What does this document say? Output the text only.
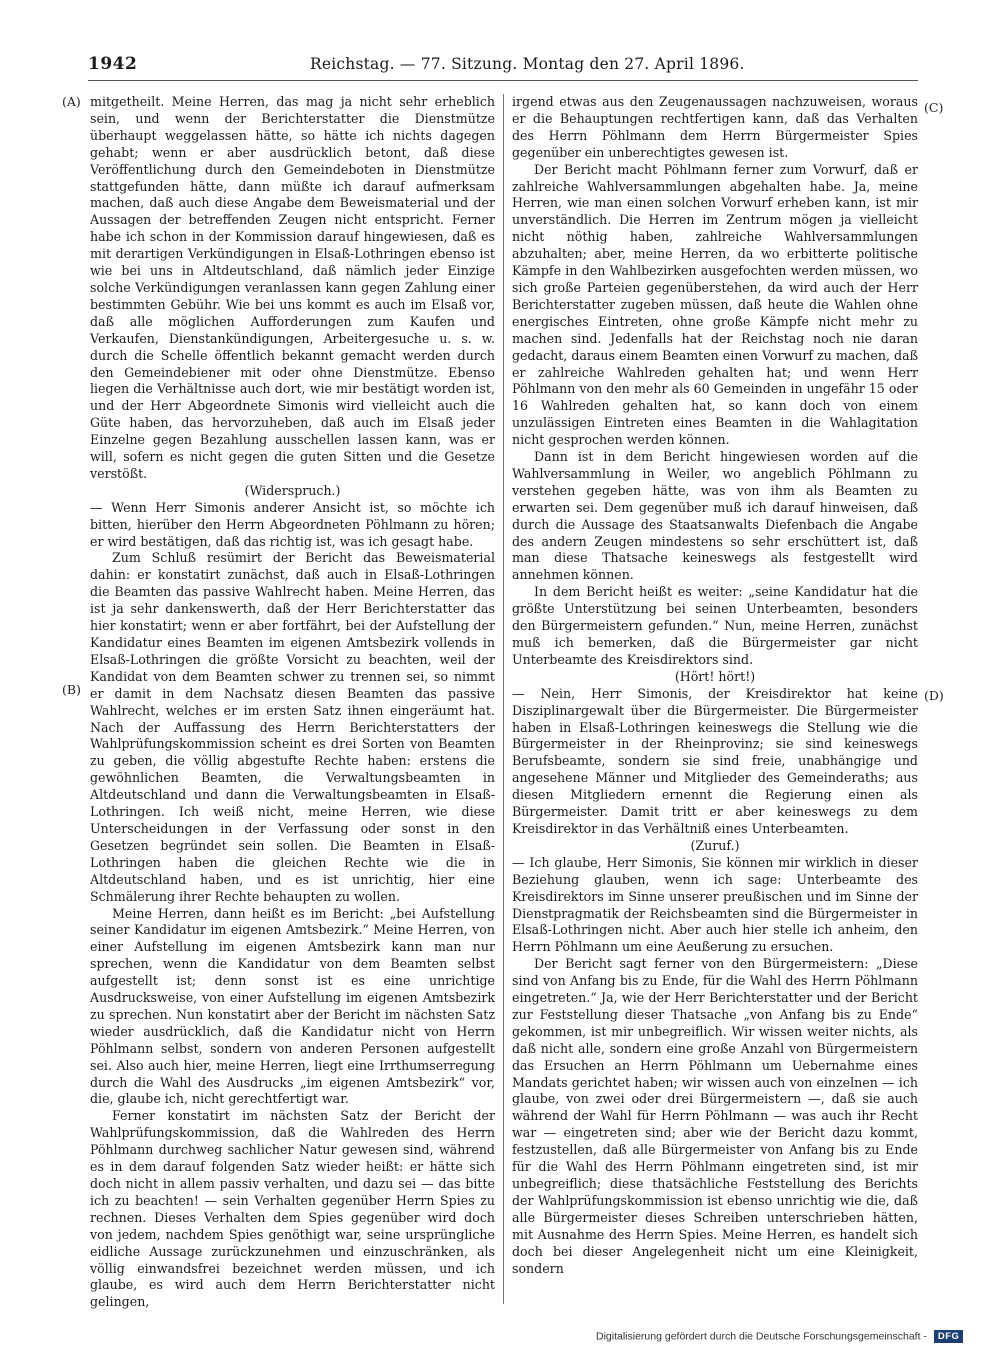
1942	Reichstag. — 77. Sitzung. Montag den 27. April 1896.
(A)
(B)
(C)
(D)

mitgetheilt. Meine Herren, das mag ja nicht sehr erheblich sein, und wenn der Berichterstatter die Dienstmütze überhaupt weggelassen hätte, so hätte ich nichts dagegen gehabt; wenn er aber ausdrücklich betont, daß diese Veröffentlichung durch den Gemeindeboten in Dienstmütze stattgefunden hätte, dann müßte ich darauf aufmerksam machen, daß auch diese Angabe dem Beweismaterial und der Aussagen der betreffenden Zeugen nicht entspricht. Ferner habe ich schon in der Kommission darauf hingewiesen, daß es mit derartigen Verkündigungen in Elsaß-Lothringen ebenso ist wie bei uns in Altdeutschland, daß nämlich jeder Einzige solche Verkündigungen veranlassen kann gegen Zahlung einer bestimmten Gebühr. Wie bei uns kommt es auch im Elsaß vor, daß alle möglichen Aufforderungen zum Kaufen und Verkaufen, Dienstankündigungen, Arbeitergesuche u. s. w. durch die Schelle öffentlich bekannt gemacht werden durch den Gemeindebiener mit oder ohne Dienstmütze. Ebenso liegen die Verhältnisse auch dort, wie mir bestätigt worden ist, und der Herr Abgeordnete Simonis wird vielleicht auch die Güte haben, das hervorzuheben, daß auch im Elsaß jeder Einzelne gegen Bezahlung ausschellen lassen kann, was er will, sofern es nicht gegen die guten Sitten und die Gesetze verstößt.

(Widerspruch.)

— Wenn Herr Simonis anderer Ansicht ist, so möchte ich bitten, hierüber den Herrn Abgeordneten Pöhlmann zu hören; er wird bestätigen, daß das richtig ist, was ich gesagt habe.

Zum Schluß resümirt der Bericht das Beweismaterial dahin: er konstatirt zunächst, daß auch in Elsaß-Lothringen die Beamten das passive Wahlrecht haben. Meine Herren, das ist ja sehr dankenswerth, daß der Herr Berichterstatter das hier konstatirt; wenn er aber fortfährt, bei der Aufstellung der Kandidatur eines Beamten im eigenen Amtsbezirk vollends in Elsaß-Lothringen die größte Vorsicht zu beachten, weil der Kandidat von dem Beamten schwer zu trennen sei, so nimmt er damit in dem Nachsatz diesen Beamten das passive Wahlrecht, welches er im ersten Satz ihnen eingeräumt hat. Nach der Auffassung des Herrn Berichterstatters der Wahlprüfungskommission scheint es drei Sorten von Beamten zu geben, die völlig abgestufte Rechte haben: erstens die gewöhnlichen Beamten, die Verwaltungsbeamten in Altdeutschland und dann die Verwaltungsbeamten in Elsaß-Lothringen. Ich weiß nicht, meine Herren, wie diese Unterscheidungen in der Verfassung oder sonst in den Gesetzen begründet sein sollen. Die Beamten in Elsaß-Lothringen haben die gleichen Rechte wie die in Altdeutschland haben, und es ist unrichtig, hier eine Schmälerung ihrer Rechte behaupten zu wollen.

Meine Herren, dann heißt es im Bericht: „bei Aufstellung seiner Kandidatur im eigenen Amtsbezirk.“ Meine Herren, von einer Aufstellung im eigenen Amtsbezirk kann man nur sprechen, wenn die Kandidatur von dem Beamten selbst aufgestellt ist; denn sonst ist es eine unrichtige Ausdrucksweise, von einer Aufstellung im eigenen Amtsbezirk zu sprechen. Nun konstatirt aber der Bericht im nächsten Satz wieder ausdrücklich, daß die Kandidatur nicht von Herrn Pöhlmann selbst, sondern von anderen Personen aufgestellt sei. Also auch hier, meine Herren, liegt eine Irrthumserregung durch die Wahl des Ausdrucks „im eigenen Amtsbezirk“ vor, die, glaube ich, nicht gerechtfertigt war.

Ferner konstatirt im nächsten Satz der Bericht der Wahlprüfungskommission, daß die Wahlreden des Herrn Pöhlmann durchweg sachlicher Natur gewesen sind, während es in dem darauf folgenden Satz wieder heißt: er hätte sich doch nicht in allem passiv verhalten, und dazu sei — das bitte ich zu beachten! — sein Verhalten gegenüber Herrn Spies zu rechnen. Dieses Verhalten dem Spies gegenüber wird doch von jedem, nachdem Spies genöthigt war, seine ursprüngliche eidliche Aussage zurückzunehmen und einzuschränken, als völlig einwandsfrei bezeichnet werden müssen, und ich glaube, es wird auch dem Herrn Berichterstatter nicht gelingen,

irgend etwas aus den Zeugenaussagen nachzuweisen, woraus er die Behauptungen rechtfertigen kann, daß das Verhalten des Herrn Pöhlmann dem Herrn Bürgermeister Spies gegenüber ein unberechtigtes gewesen ist.

Der Bericht macht Pöhlmann ferner zum Vorwurf, daß er zahlreiche Wahlversammlungen abgehalten habe. Ja, meine Herren, wie man einen solchen Vorwurf erheben kann, ist mir unverständlich. Die Herren im Zentrum mögen ja vielleicht nicht nöthig haben, zahlreiche Wahlversammlungen abzuhalten; aber, meine Herren, da wo erbitterte politische Kämpfe in den Wahlbezirken ausgefochten werden müssen, wo sich große Parteien gegenüberstehen, da wird auch der Herr Berichterstatter zugeben müssen, daß heute die Wahlen ohne energisches Eintreten, ohne große Kämpfe nicht mehr zu machen sind. Jedenfalls hat der Reichstag noch nie daran gedacht, daraus einem Beamten einen Vorwurf zu machen, daß er zahlreiche Wahlreden gehalten hat; und wenn Herr Pöhlmann von den mehr als 60 Gemeinden in ungefähr 15 oder 16 Wahlreden gehalten hat, so kann doch von einem unzulässigen Eintreten eines Beamten in die Wahlagitation nicht gesprochen werden können.

Dann ist in dem Bericht hingewiesen worden auf die Wahlversammlung in Weiler, wo angeblich Pöhlmann zu verstehen gegeben hätte, was von ihm als Beamten zu erwarten sei. Dem gegenüber muß ich darauf hinweisen, daß durch die Aussage des Staatsanwalts Diefenbach die Angabe des andern Zeugen mindestens so sehr erschüttert ist, daß man diese Thatsache keineswegs als festgestellt wird annehmen können.

In dem Bericht heißt es weiter: „seine Kandidatur hat die größte Unterstützung bei seinen Unterbeamten, besonders den Bürgermeistern gefunden.“ Nun, meine Herren, zunächst muß ich bemerken, daß die Bürgermeister gar nicht Unterbeamte des Kreisdirektors sind.

(Hört! hört!)

— Nein, Herr Simonis, der Kreisdirektor hat keine Disziplinargewalt über die Bürgermeister. Die Bürgermeister haben in Elsaß-Lothringen keineswegs die Stellung wie die Bürgermeister in der Rheinprovinz; sie sind keineswegs Berufsbeamte, sondern sie sind freie, unabhängige und angesehene Männer und Mitglieder des Gemeinderaths; aus diesen Mitgliedern ernennt die Regierung einen als Bürgermeister. Damit tritt er aber keineswegs zu dem Kreisdirektor in das Verhältniß eines Unterbeamten.

(Zuruf.)

— Ich glaube, Herr Simonis, Sie können mir wirklich in dieser Beziehung glauben, wenn ich sage: Unterbeamte des Kreisdirektors im Sinne unserer preußischen und im Sinne der Dienstpragmatik der Reichsbeamten sind die Bürgermeister in Elsaß-Lothringen nicht. Aber auch hier stelle ich anheim, den Herrn Pöhlmann um eine Aeußerung zu ersuchen.

Der Bericht sagt ferner von den Bürgermeistern: „Diese sind von Anfang bis zu Ende, für die Wahl des Herrn Pöhlmann eingetreten.“ Ja, wie der Herr Berichterstatter und der Bericht zur Feststellung dieser Thatsache „von Anfang bis zu Ende“ gekommen, ist mir unbegreiflich. Wir wissen weiter nichts, als daß nicht alle, sondern eine große Anzahl von Bürgermeistern das Ersuchen an Herrn Pöhlmann um Uebernahme eines Mandats gerichtet haben; wir wissen auch von einzelnen — ich glaube, von zwei oder drei Bürgermeistern —, daß sie auch während der Wahl für Herrn Pöhlmann — was auch ihr Recht war — eingetreten sind; aber wie der Bericht dazu kommt, festzustellen, daß alle Bürgermeister von Anfang bis zu Ende für die Wahl des Herrn Pöhlmann eingetreten sind, ist mir unbegreiflich; diese thatsächliche Feststellung des Berichts der Wahlprüfungskommission ist ebenso unrichtig wie die, daß alle Bürgermeister dieses Schreiben unterschrieben hätten, mit Ausnahme des Herrn Spies. Meine Herren, es handelt sich doch bei dieser Angelegenheit nicht um eine Kleinigkeit, sondern

Digitalisierung gefördert durch die Deutsche Forschungsgemeinschaft - DFG
